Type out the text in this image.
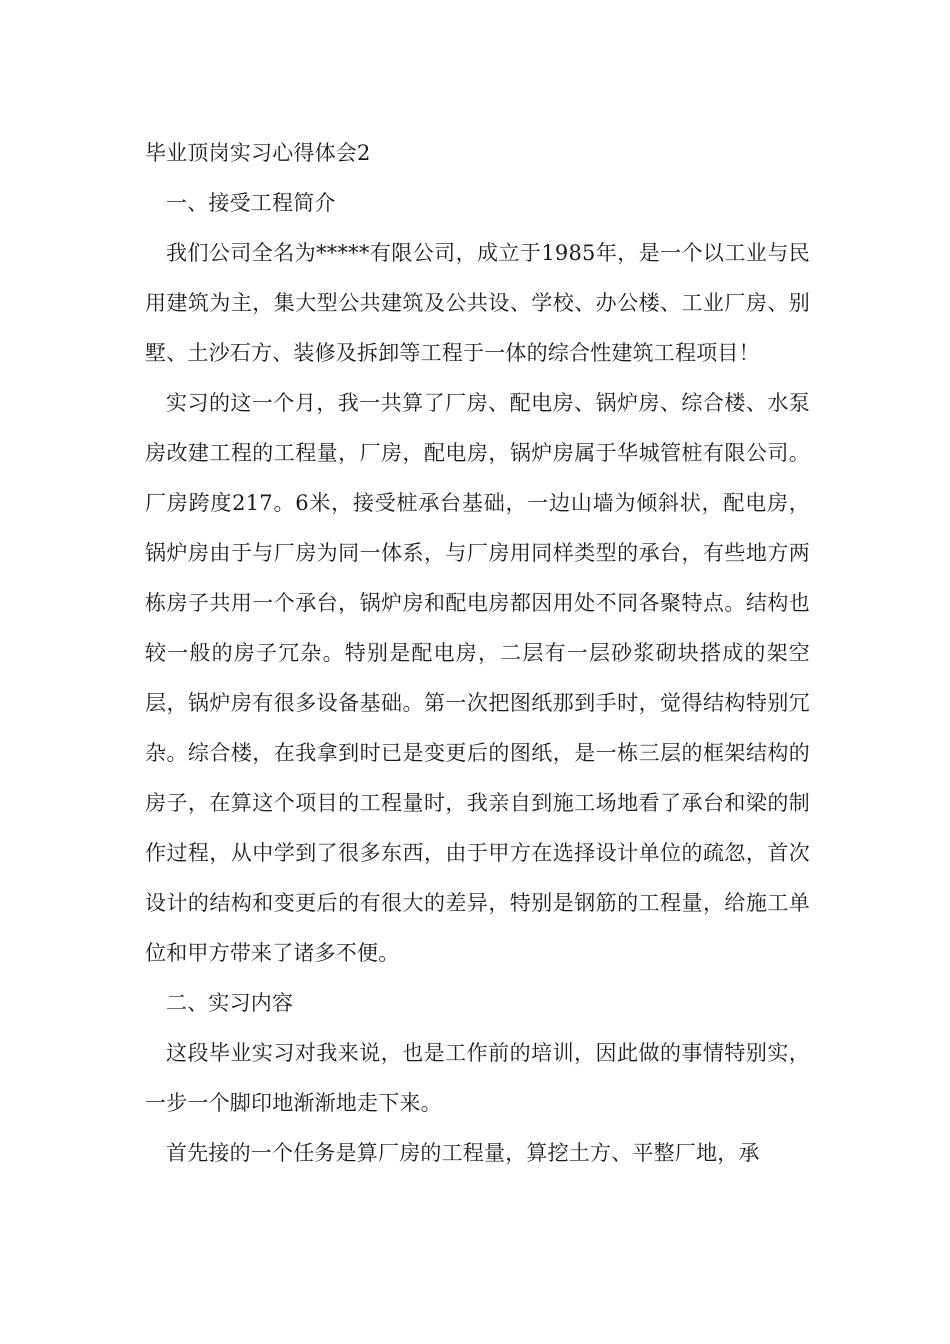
毕业顶岗实习心得体会2
一、接受工程简介

我们公司全名为*****有限公司，成立于1985年，是一个以工业与民用建筑为主，集大型公共建筑及公共设、学校、办公楼、工业厂房、别墅、土沙石方、装修及拆卸等工程于一体的综合性建筑工程项目！

实习的这一个月，我一共算了厂房、配电房、锅炉房、综合楼、水泵房改建工程的工程量，厂房，配电房，锅炉房属于华城管桩有限公司。厂房跨度217。6米，接受桩承台基础，一边山墙为倾斜状，配电房，锅炉房由于与厂房为同一体系，与厂房用同样类型的承台，有些地方两栋房子共用一个承台，锅炉房和配电房都因用处不同各聚特点。结构也较一般的房子冗杂。特别是配电房，二层有一层砂浆砌块搭成的架空层，锅炉房有很多设备基础。第一次把图纸那到手时，觉得结构特别冗杂。综合楼，在我拿到时已是变更后的图纸，是一栋三层的框架结构的房子，在算这个项目的工程量时，我亲自到施工场地看了承台和梁的制作过程，从中学到了很多东西，由于甲方在选择设计单位的疏忽，首次设计的结构和变更后的有很大的差异，特别是钢筋的工程量，给施工单位和甲方带来了诸多不便。

二、实习内容

这段毕业实习对我来说，也是工作前的培训，因此做的事情特别实，一步一个脚印地渐渐地走下来。

首先接的一个任务是算厂房的工程量，算挖土方、平整厂地，承
